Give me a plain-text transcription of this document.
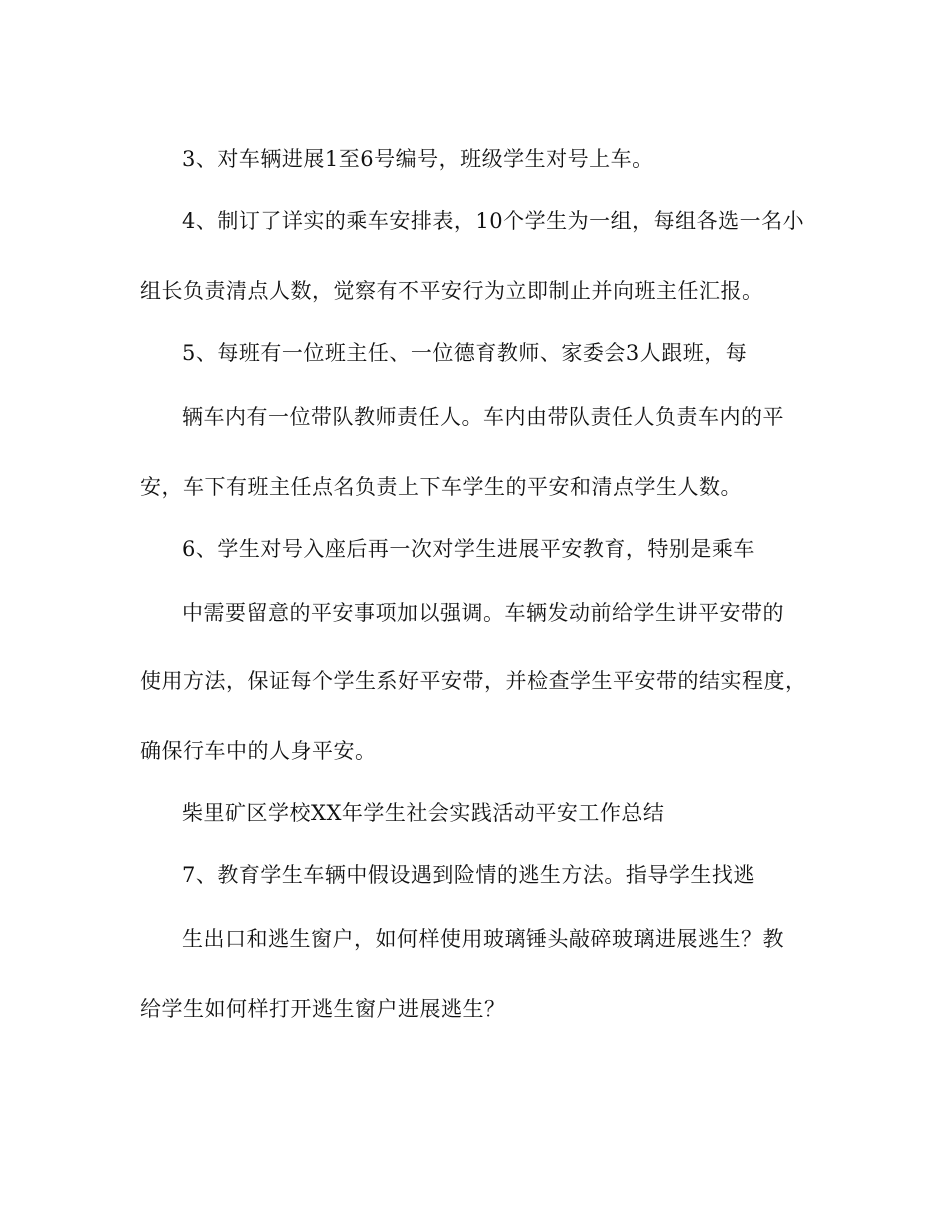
3、对车辆进展1至6号编号，班级学生对号上车。
4、制订了详实的乘车安排表，10个学生为一组，每组各选一名小
组长负责清点人数，觉察有不平安行为立即制止并向班主任汇报。
5、每班有一位班主任、一位德育教师、家委会3人跟班，每
辆车内有一位带队教师责任人。车内由带队责任人负责车内的平
安，车下有班主任点名负责上下车学生的平安和清点学生人数。
6、学生对号入座后再一次对学生进展平安教育，特别是乘车
中需要留意的平安事项加以强调。车辆发动前给学生讲平安带的
使用方法，保证每个学生系好平安带，并检查学生平安带的结实程度，
确保行车中的人身平安。
柴里矿区学校XX年学生社会实践活动平安工作总结
7、教育学生车辆中假设遇到险情的逃生方法。指导学生找逃
生出口和逃生窗户，如何样使用玻璃锤头敲碎玻璃进展逃生？教
给学生如何样打开逃生窗户进展逃生？
